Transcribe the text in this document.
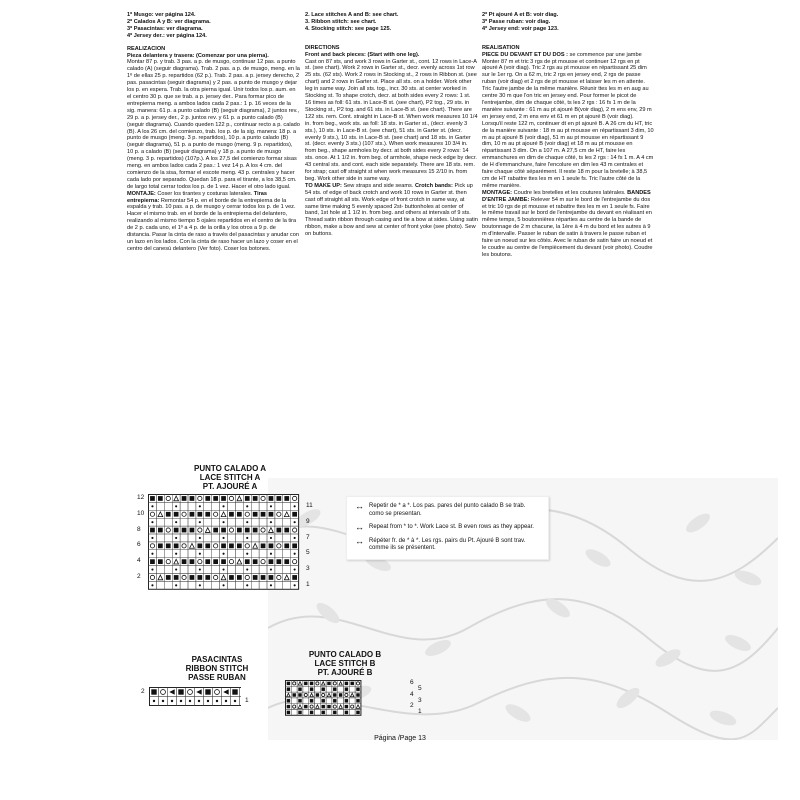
1º Musgo: ver página 124.

2º Calados A y B: ver diagrama.

3º Pasacintas: ver diagrama.

4º Jersey der.: ver página 124.

REALIZACION

Pieza delantera y trasera: (Comenzar por una pierna).

Montar 87 p. y trab. 3 pas. a p. de musgo, continuar 12 pas. a punto calado (A) (seguir diagrama). Trab. 2 pas. a p. de musgo, meng. en la 1º de ellas 25 p. repartidos (62 p.). Trab. 2 pas. a p. jersey derecho, 2 pas. pasacintas (seguir diagrama) y 2 pas. a punto de musgo y dejar los p. en espera. Trab. la otra pierna igual. Unir todos los p. aum. en el centro 30 p. que se trab. a p. jersey der.. Para formar pico de entrepierna meng. a ambos lados cada 2 pas.: 1 p. 16 veces de la sig. manera: 61 p. a punto calado (B) (seguir diagrama), 2 juntos rev., 29 p. a p. jersey der., 2 p. juntos rev. y 61 p. a punto calado (B) (seguir diagrama). Cuando queden 122 p., continuar recto a p. calado (B). A los 26 cm. del comienzo, trab. los p. de la sig. manera: 18 p. a punto de musgo (meng. 3 p. repartidos), 10 p. a punto calado (B) (seguir diagrama), 51 p. a punto de musgo (meng. 9 p. repartidos), 10 p. a calado (B) (seguir diagrama) y 18 p. a punto de musgo (meng. 3 p. repartidos) (107p.). A los 27,5 del comienzo formar sisas meng. en ambos lados cada 2 pas.: 1 vez 14 p. A los 4 cm. del comienzo de la sisa, formar el escote meng. 43 p. centrales y hacer cada lado por separado. Quedan 18 p. para el tirante, a los 38,5 cm. de largo total cerrar todos los p. de 1 vez. Hacer el otro lado igual.

MONTAJE: Coser los tirantes y costuras laterales. Tiras entrepierna: Remontar 54 p. en el borde de la entrepierna de la espalda y trab. 10 pas. a p. de musgo y cerrar todos los p. de 1 vez. Hacer el mismo trab. en el borde de la entrepierna del delantero, realizando al mismo tiempo 5 ojales repartidos en el centro de la tira de 2 p. cada uno, el 1º a 4 p. de la orilla y los otros a 9 p. de distancia. Pasar la cinta de raso a través del pasacintas y anudar con un lazo en los lados. Con la cinta de raso hacer un lazo y coser en el centro del canesú delantero (Ver foto). Coser los botones.

2. Lace stitches A and B: see chart.

3. Ribbon stitch: see chart.

4. Stocking stitch: see page 125.

DIRECTIONS

Front and back pieces: (Start with one leg).

Cast on 87 sts, and work 3 rows in Garter st., cont. 12 rows in Lace-A st. (see chart). Work 2 rows in Garter st., decr. evenly across 1st row 25 sts. (62 sts). Work 2 rows in Stocking st., 2 rows in Ribbon st. (see chart) and 2 rows in Garter st. Place all sts. on a holder. Work other leg in same way. Join all sts. tog., incr. 30 sts. at center worked in Stocking st. To shape crotch, decr. at both sides every 2 rows: 1 st. 16 times as foll: 61 sts. in Lace-B st. (see chart), P2 tog., 29 sts. in Stocking st., P2 tog. and 61 sts. in Lace-B st. (see chart). There are 122 sts. rem. Cont. straight in Lace-B st. When work measures 10 1/4 in. from beg., work sts. as foll: 18 sts. in Garter st., (decr. evenly 3 sts.), 10 sts. in Lace-B st. (see chart), 51 sts. in Garter st. (decr. evenly 9 sts.), 10 sts. in Lace-B st. (see chart) and 18 sts. in Garter st. (decr. evenly 3 sts.) (107 sts.). When work measures 10 3/4 in. from beg., shape armholes by decr. at both sides every 2 rows: 14 sts. once. At 1 1/2 in. from beg. of armhole, shape neck edge by decr. 43 central sts. and cont. each side separately. There are 18 sts. rem. for strap; cast off straight st when work measures 15 2/10 in. from beg. Work other side in same way.

TO MAKE UP: Sew straps and side seams. Crotch bands: Pick up 54 sts. of edge of back crotch and work 10 rows in Garter st. then cast off straight all sts. Work edge of front crotch in same way, at same time making 5 evenly spaced 2st- buttonholes at center of band, 1st hole at 1 1/2 in. from beg. and others at intervals of 9 sts. Thread satin ribbon through casing and tie a bow at sides. Using satin ribbon, make a bow and sew at center of front yoke (see photo). Sew on buttons.

2º Pt ajouré A et B: voir diag.

3º Passe ruban: voir diag.

4º Jersey end: voir page 123.

REALISATION

PIECE DU DEVANT ET DU DOS : se commence par une jambe

Monter 87 m et tric 3 rgs de pt mousse et continuer 12 rgs en pt ajouré A (voir diag). Tric 2 rgs au pt mousse en répartissant 25 dim sur le 1er rg. On a 62 m, tric 2 rgs en jersey end, 2 rgs de passe ruban (voir diag) et 2 rgs de pt mousse et laisser les m en attente. Tric l'autre jambe de la même manière. Réunir ttes les m en aug au centre 30 m que l'on tric en jersey end. Pour former le picot de l'entrejambe, dim de chaque côté, ts les 2 rgs : 16 fs 1 m de la manière suivante : 61 m au pt ajouré B(voir diag), 2 m ens env, 29 m en jersey end, 2 m ens env et 61 m en pt ajouré B (voir diag). Lorsqu'il reste 122 m, continuer dt en pt ajouré B. A 26 cm du HT, tric de la manière suivante : 18 m au pt mousse en répartissant 3 dim, 10 m au pt ajouré B (voir diag), 51 m au pt mousse en répartissant 9 dim, 10 m au pt ajouré B (voir diag) et 18 m au pt mousse en répartissant 3 dim. On a 107 m. A 27,5 cm de HT, faire les emmanchures en dim de chaque côté, ts les 2 rgs : 14 fs 1 m. A 4 cm de H d'emmanchure, faire l'encolure en dim les 43 m centrales et faire chaque côté séparément. Il reste 18 m pour la bretelle; à 38,5 cm de HT rabattre ttes les m en 1 seule fs. Tric l'autre côté de la même manière.

MONTAGE: Coudre les bretelles et les coutures latérales. BANDES D'ENTRE JAMBE: Relever 54 m sur le bord de l'entrejambe du dos et tric 10 rgs de pt mousse et rabattre ttes les m en 1 seule fs. Faire le même travail sur le bord de l'entrejambe du devant en réalisant en même temps, 5 boutonnières réparties au centre de la bande de boutonnage de 2 m chacune, la 1ère à 4 m du bord et les autres à 9 m d'intervalle. Passer le ruban de satin à travers le passe ruban et faire un noeud sur les côtés. Avec le ruban de satin faire un noeud et le coudre au centre de l'empiècement du devant (voir photo). Coudre les boutons.

PUNTO CALADO A
LACE STITCH A
PT. AJOURÉ A
12
10
8
6
4
2
11
9
7
5
3
1
PASACINTAS
RIBBON STITCH
PASSE RUBAN
2
1
PUNTO CALADO B
LACE STITCH B
PT. AJOURÉ B
6
4
2
5
3
1

↔ Repetir de * a *. Los pas. pares del punto calado B se trab. como se presentan.

↔ Repeat from * to *. Work Lace st. B even rows as they appear.

↔ Répéter fr. de * à *. Les rgs. pairs du Pt. Ajouré B sont trav. comme ils se présentent.

Página /Page 13
